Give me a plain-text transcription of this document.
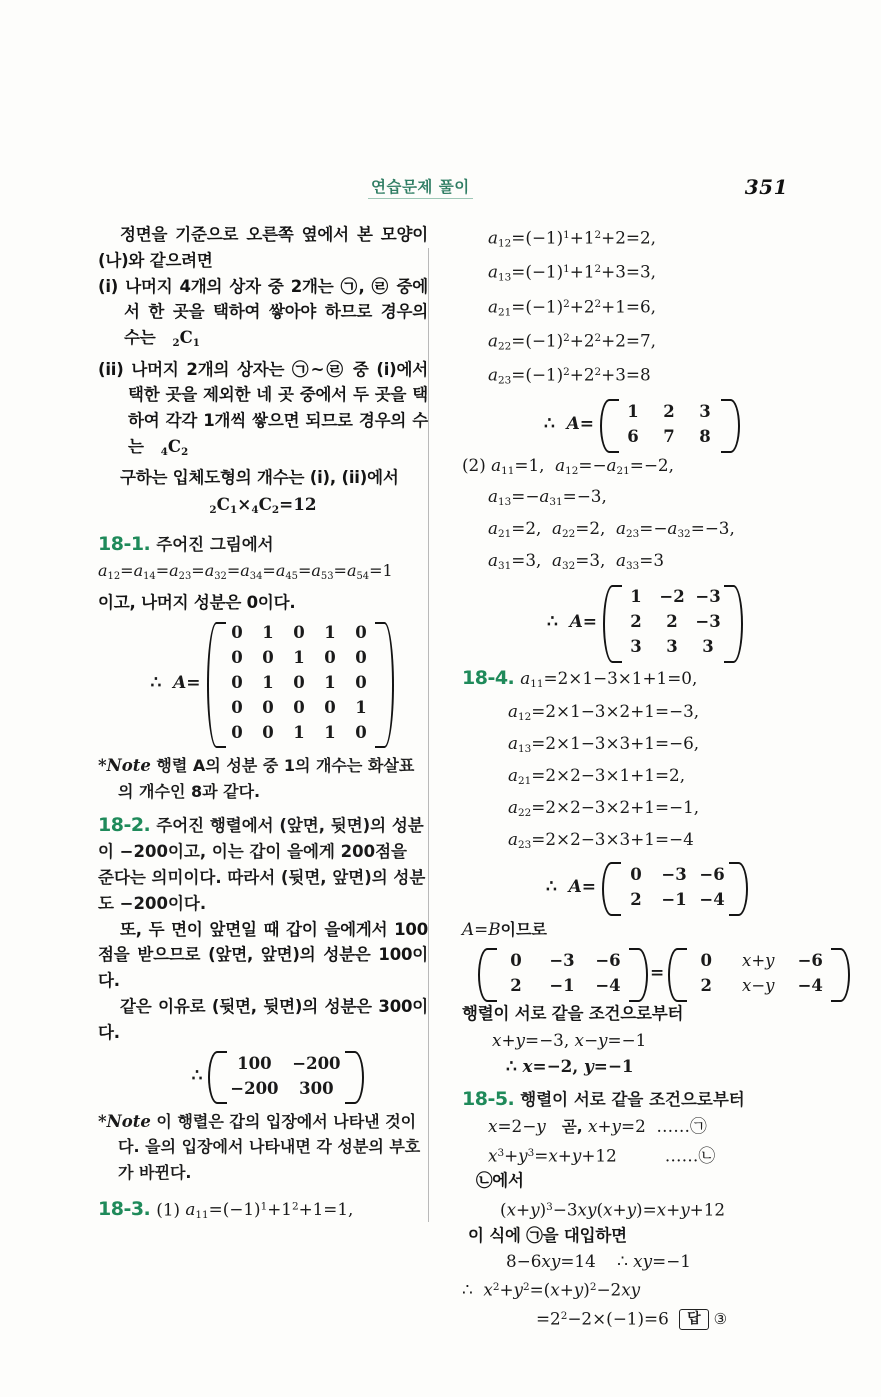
연습문제 풀이	351
정면을 기준으로 오른쪽 옆에서 본 모양이 (나)와 같으려면
(i) 나머지 4개의 상자 중 2개는 ㉠, ㉣ 중에서 한 곳을 택하여 쌓아야 하므로 경우의 수는 $_2C_1$
(ii) 나머지 2개의 상자는 ㉠~㉣ 중 (i)에서 택한 곳을 제외한 네 곳 중에서 두 곳을 택하여 각각 1개씩 쌓으면 되므로 경우의 수는 $_4C_2$
구하는 입체도형의 개수는 (i), (ii)에서
$_2C_1\times_4C_2=12$
18-1. 주어진 그림에서
$a_{12}=a_{14}=a_{23}=a_{32}=a_{34}=a_{45}=a_{53}=a_{54}=1$
이고, 나머지 성분은 0이다.
∴  A=
0	1	0	1	0
0	0	1	0	0
0	1	0	1	0
0	0	0	0	1
0	0	1	1	0
*Note 행렬 A의 성분 중 1의 개수는 화살표의 개수인 8과 같다.
18-2. 주어진 행렬에서 (앞면, 뒷면)의 성분이 −200이고, 이는 갑이 을에게 200점을 준다는 의미이다. 따라서 (뒷면, 앞면)의 성분도 −200이다.
또, 두 면이 앞면일 때 갑이 을에게서 100점을 받으므로 (앞면, 앞면)의 성분은 100이다.
같은 이유로 (뒷면, 뒷면)의 성분은 300이다.
∴
100	−200
−200	300
*Note 이 행렬은 갑의 입장에서 나타낸 것이다. 을의 입장에서 나타내면 각 성분의 부호가 바뀐다.
18-3. (1) $a_{11}=(-1)^1+1^2+1=1$,
$a_{12}=(-1)^1+1^2+2=2$,
$a_{13}=(-1)^1+1^2+3=3$,
$a_{21}=(-1)^2+2^2+1=6$,
$a_{22}=(-1)^2+2^2+2=7$,
$a_{23}=(-1)^2+2^2+3=8$
∴  A=
1	2	3
6	7	8
(2) $a_{11}=1$,  $a_{12}=-a_{21}=-2$,
$a_{13}=-a_{31}=-3$,
$a_{21}=2$,  $a_{22}=2$,  $a_{23}=-a_{32}=-3$,
$a_{31}=3$,  $a_{32}=3$,  $a_{33}=3$
∴  A=
1	−2 −3
2	2	−3
3	3	3
18-4. $a_{11}=2\times 1-3\times 1+1=0$,
$a_{12}=2\times 1-3\times 2+1=-3$,
$a_{13}=2\times 1-3\times 3+1=-6$,
$a_{21}=2\times 2-3\times 1+1=2$,
$a_{22}=2\times 2-3\times 2+1=-1$,
$a_{23}=2\times 2-3\times 3+1=-4$
∴  A=
0	−3 −6
2	−1 −4
A=B이므로
0	−3	−6
2	−1	−4
=
0	x+y	−6
2	x−y	−4
행렬이 서로 같을 조건으로부터
x+y=−3, x−y=−1
∴ x=−2, y=−1
18-5. 행렬이 서로 같을 조건으로부터
x=2−y 곧, x+y=2  ……㉠
$x^3+y^3=x+y+12$         ……㉡
㉡에서
$(x+y)^3-3xy(x+y)=x+y+12$
이 식에 ㉠을 대입하면
8−6xy=14    ∴ xy=−1
∴  $x^2+y^2=(x+y)^2-2xy$
$=2^2-2\times(-1)=6$ 답 ③
